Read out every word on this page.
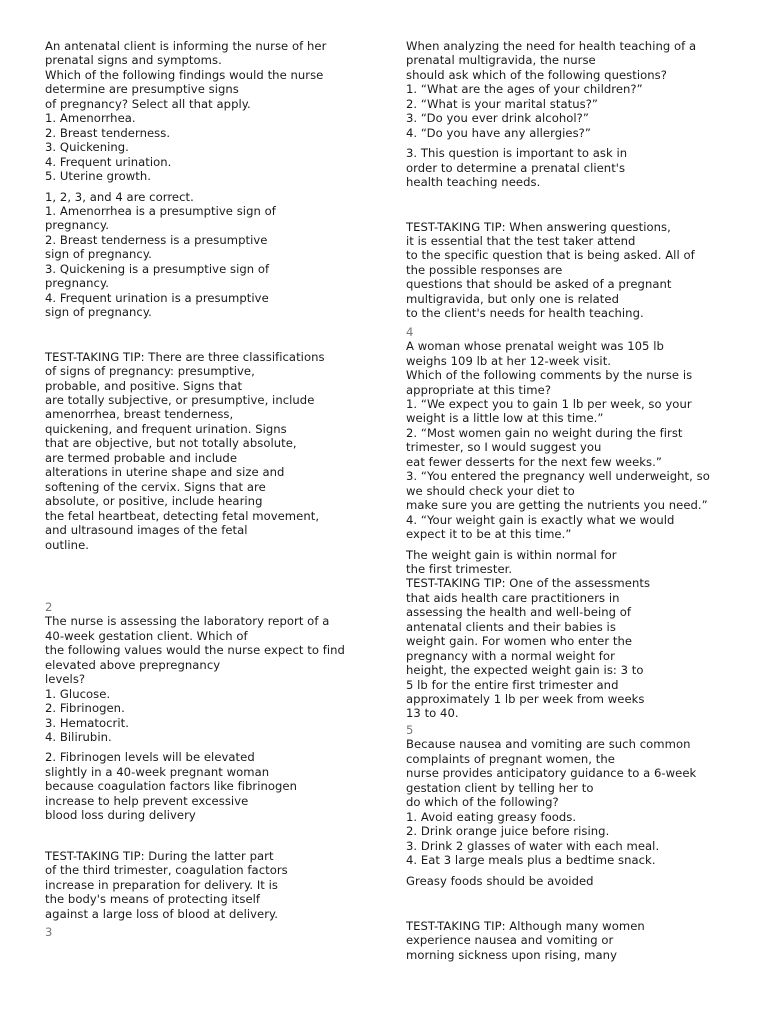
An antenatal client is informing the nurse of her
prenatal signs and symptoms.
Which of the following findings would the nurse
determine are presumptive signs
of pregnancy? Select all that apply.
1. Amenorrhea.
2. Breast tenderness.
3. Quickening.
4. Frequent urination.
5. Uterine growth.
1, 2, 3, and 4 are correct.
1. Amenorrhea is a presumptive sign of
pregnancy.
2. Breast tenderness is a presumptive
sign of pregnancy.
3. Quickening is a presumptive sign of
pregnancy.
4. Frequent urination is a presumptive
sign of pregnancy.
TEST-TAKING TIP: There are three classifications
of signs of pregnancy: presumptive,
probable, and positive. Signs that
are totally subjective, or presumptive, include
amenorrhea, breast tenderness,
quickening, and frequent urination. Signs
that are objective, but not totally absolute,
are termed probable and include
alterations in uterine shape and size and
softening of the cervix. Signs that are
absolute, or positive, include hearing
the fetal heartbeat, detecting fetal movement,
and ultrasound images of the fetal
outline.
2
The nurse is assessing the laboratory report of a
40-week gestation client. Which of
the following values would the nurse expect to find
elevated above prepregnancy
levels?
1. Glucose.
2. Fibrinogen.
3. Hematocrit.
4. Bilirubin.
2. Fibrinogen levels will be elevated
slightly in a 40-week pregnant woman
because coagulation factors like fibrinogen
increase to help prevent excessive
blood loss during delivery
TEST-TAKING TIP: During the latter part
of the third trimester, coagulation factors
increase in preparation for delivery. It is
the body's means of protecting itself
against a large loss of blood at delivery.
3
When analyzing the need for health teaching of a
prenatal multigravida, the nurse
should ask which of the following questions?
1. “What are the ages of your children?”
2. “What is your marital status?”
3. “Do you ever drink alcohol?”
4. “Do you have any allergies?”
3. This question is important to ask in
order to determine a prenatal client's
health teaching needs.
TEST-TAKING TIP: When answering questions,
it is essential that the test taker attend
to the specific question that is being asked. All of
the possible responses are
questions that should be asked of a pregnant
multigravida, but only one is related
to the client's needs for health teaching.
4
A woman whose prenatal weight was 105 lb
weighs 109 lb at her 12-week visit.
Which of the following comments by the nurse is
appropriate at this time?
1. “We expect you to gain 1 lb per week, so your
weight is a little low at this time.”
2. “Most women gain no weight during the first
trimester, so I would suggest you
eat fewer desserts for the next few weeks.”
3. “You entered the pregnancy well underweight, so
we should check your diet to
make sure you are getting the nutrients you need.”
4. “Your weight gain is exactly what we would
expect it to be at this time.”
The weight gain is within normal for
the first trimester.
TEST-TAKING TIP: One of the assessments
that aids health care practitioners in
assessing the health and well-being of
antenatal clients and their babies is
weight gain. For women who enter the
pregnancy with a normal weight for
height, the expected weight gain is: 3 to
5 lb for the entire first trimester and
approximately 1 lb per week from weeks
13 to 40.
5
Because nausea and vomiting are such common
complaints of pregnant women, the
nurse provides anticipatory guidance to a 6-week
gestation client by telling her to
do which of the following?
1. Avoid eating greasy foods.
2. Drink orange juice before rising.
3. Drink 2 glasses of water with each meal.
4. Eat 3 large meals plus a bedtime snack.
Greasy foods should be avoided
TEST-TAKING TIP: Although many women
experience nausea and vomiting or
morning sickness upon rising, many
